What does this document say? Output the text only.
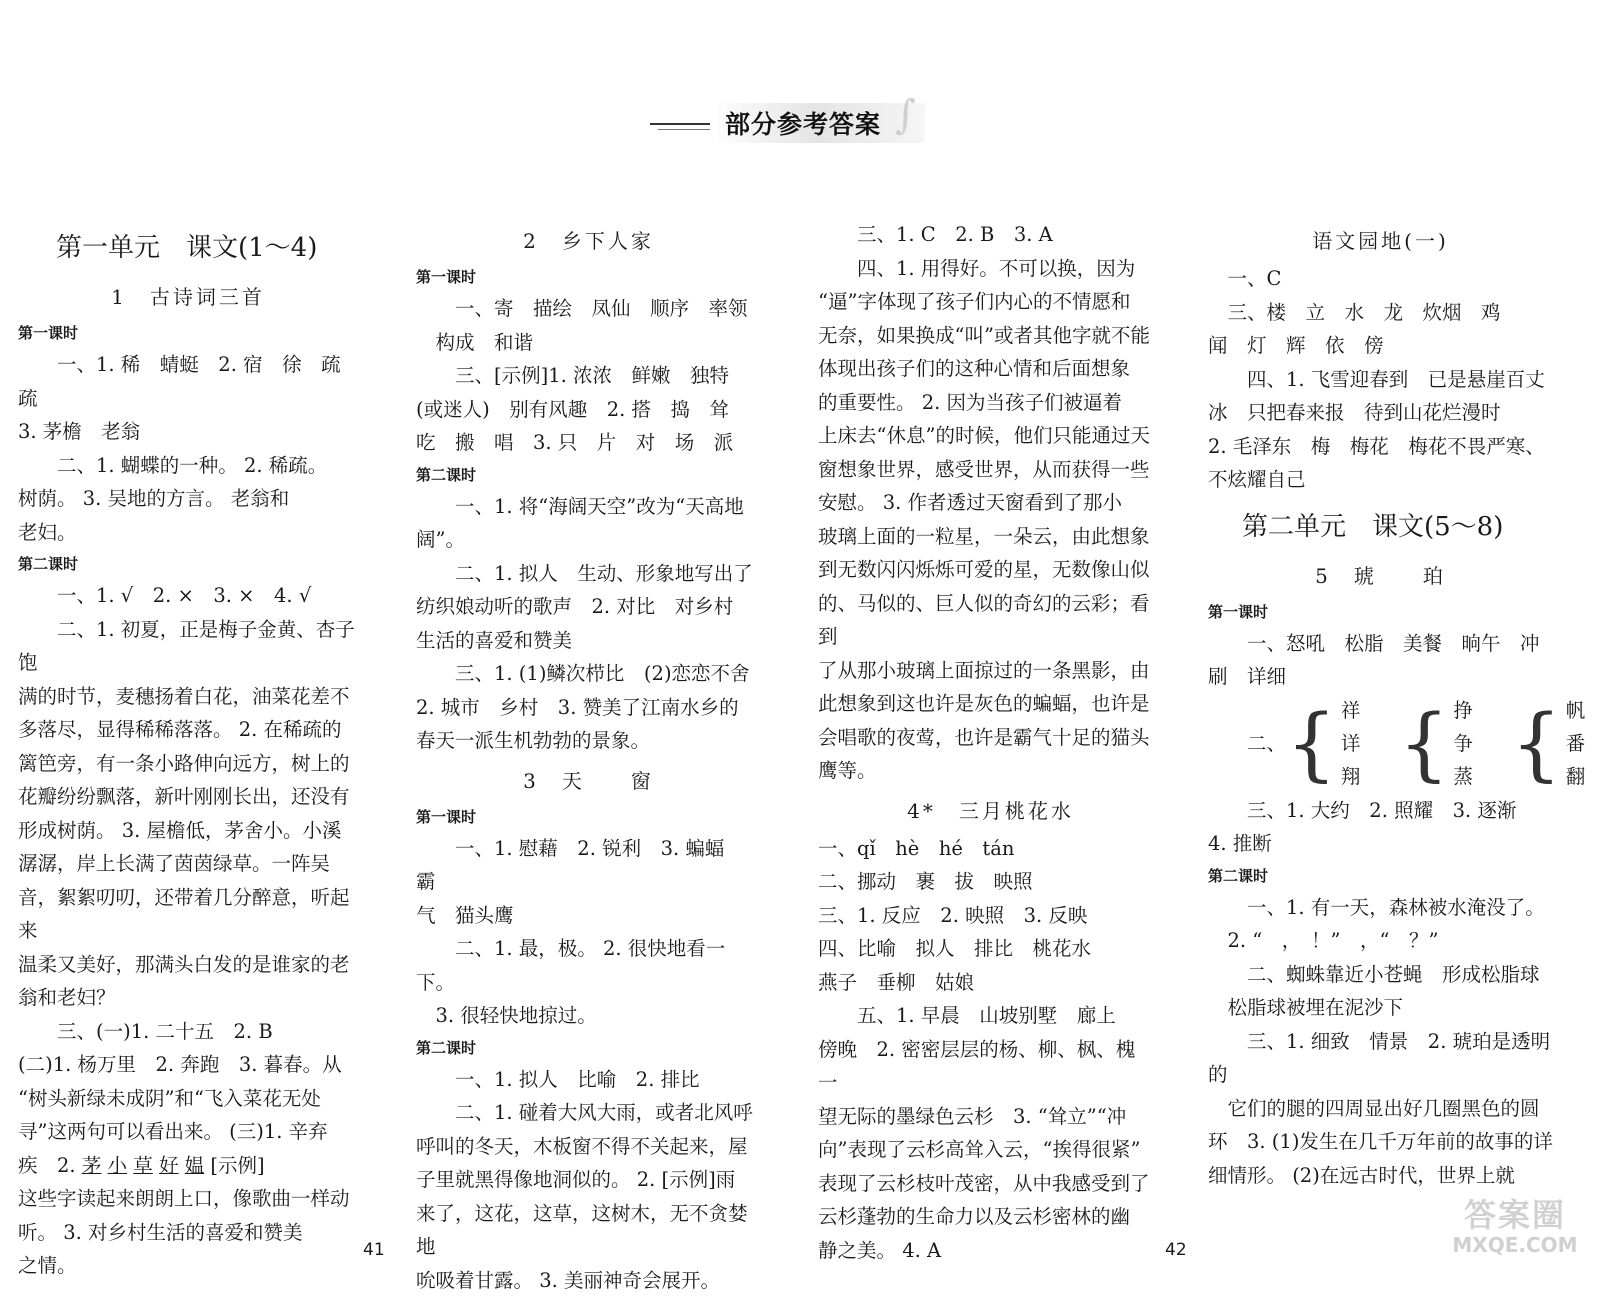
部分参考答案 ∫

第一单元　课文(1～4)

1　古诗词三首

第一课时

一、1. 稀　蜻蜓　2. 宿　徐　疏疏

3. 茅檐　老翁

二、1. 蝴蝶的一种。 2. 稀疏。

树荫。 3. 吴地的方言。 老翁和

老妇。

第二课时

一、1. √　2. ×　3. ×　4. √

二、1. 初夏，正是梅子金黄、杏子饱

满的时节，麦穗扬着白花，油菜花差不

多落尽，显得稀稀落落。 2. 在稀疏的

篱笆旁，有一条小路伸向远方，树上的

花瓣纷纷飘落，新叶刚刚长出，还没有

形成树荫。 3. 屋檐低，茅舍小。小溪

潺潺，岸上长满了茵茵绿草。一阵吴

音，絮絮叨叨，还带着几分醉意，听起来

温柔又美好，那满头白发的是谁家的老

翁和老妇？

三、(一)1. 二十五　2. B

(二)1. 杨万里　2. 奔跑　3. 暮春。从

“树头新绿未成阴”和“飞入菜花无处

寻”这两句可以看出来。 (三)1. 辛弃

疾　2. 茅 小 草 好 媪 [示例]

这些字读起来朗朗上口，像歌曲一样动

听。 3. 对乡村生活的喜爱和赞美

之情。

2　乡下人家

第一课时

一、寄　描绘　凤仙　顺序　率领

构成　和谐

三、[示例]1. 浓浓　鲜嫩　独特

(或迷人)　别有风趣　2. 搭　捣　耸

吃　搬　唱　3. 只　片　对　场　派

第二课时

一、1. 将“海阔天空”改为“天高地阔”。

二、1. 拟人　生动、形象地写出了

纺织娘动听的歌声　2. 对比　对乡村

生活的喜爱和赞美

三、1. (1)鳞次栉比　(2)恋恋不舍

2. 城市　乡村　3. 赞美了江南水乡的

春天一派生机勃勃的景象。

3　天　　窗

第一课时

一、1. 慰藉　2. 锐利　3. 蝙蝠　霸

气　猫头鹰

二、1. 最，极。 2. 很快地看一下。

3. 很轻快地掠过。

第二课时

一、1. 拟人　比喻　2. 排比

二、1. 碰着大风大雨，或者北风呼

呼叫的冬天，木板窗不得不关起来，屋

子里就黑得像地洞似的。 2. [示例]雨

来了，这花，这草，这树木，无不贪婪地

吮吸着甘露。 3. 美丽神奇会展开。

三、1. C　2. B　3. A

四、1. 用得好。不可以换，因为

“逼”字体现了孩子们内心的不情愿和

无奈，如果换成“叫”或者其他字就不能

体现出孩子们的这种心情和后面想象

的重要性。 2. 因为当孩子们被逼着

上床去“休息”的时候，他们只能通过天

窗想象世界，感受世界，从而获得一些

安慰。 3. 作者透过天窗看到了那小

玻璃上面的一粒星，一朵云，由此想象

到无数闪闪烁烁可爱的星，无数像山似

的、马似的、巨人似的奇幻的云彩；看到

了从那小玻璃上面掠过的一条黑影，由

此想象到这也许是灰色的蝙蝠，也许是

会唱歌的夜莺，也许是霸气十足的猫头

鹰等。

4*　三月桃花水

一、qǐ　hè　hé　tán

二、挪动　裹　拔　映照

三、1. 反应　2. 映照　3. 反映

四、比喻　拟人　排比　桃花水

燕子　垂柳　姑娘

五、1. 早晨　山坡别墅　廊上

傍晚　2. 密密层层的杨、柳、枫、槐　一

望无际的墨绿色云杉　3. “耸立”“冲

向”表现了云杉高耸入云，“挨得很紧”

表现了云杉枝叶茂密，从中我感受到了

云杉蓬勃的生命力以及云杉密林的幽

静之美。 4. A

语文园地(一)

一、C

三、楼　立　水　龙　炊烟　鸡

闻　灯　辉　依　傍

四、1. 飞雪迎春到　已是悬崖百丈

冰　只把春来报　待到山花烂漫时

2. 毛泽东　梅　梅花　梅花不畏严寒、

不炫耀自己

第二单元　课文(5～8)

5　琥　　珀

第一课时

一、怒吼　松脂　美餐　晌午　冲

刷　详细

二、 { 祥
详
翔 { 挣
争
蒸 { 帆
番
翻

三、1. 大约　2. 照耀　3. 逐渐

4. 推断

第二课时

一、1. 有一天，森林被水淹没了。

2. “　，　！”　，“　？”

二、蜘蛛靠近小苍蝇　形成松脂球

松脂球被埋在泥沙下

三、1. 细致　情景　2. 琥珀是透明的

它们的腿的四周显出好几圈黑色的圆

环　3. (1)发生在几千万年前的故事的详

细情形。 (2)在远古时代，世界上就

41	42
答案圈
MXQE.COM
